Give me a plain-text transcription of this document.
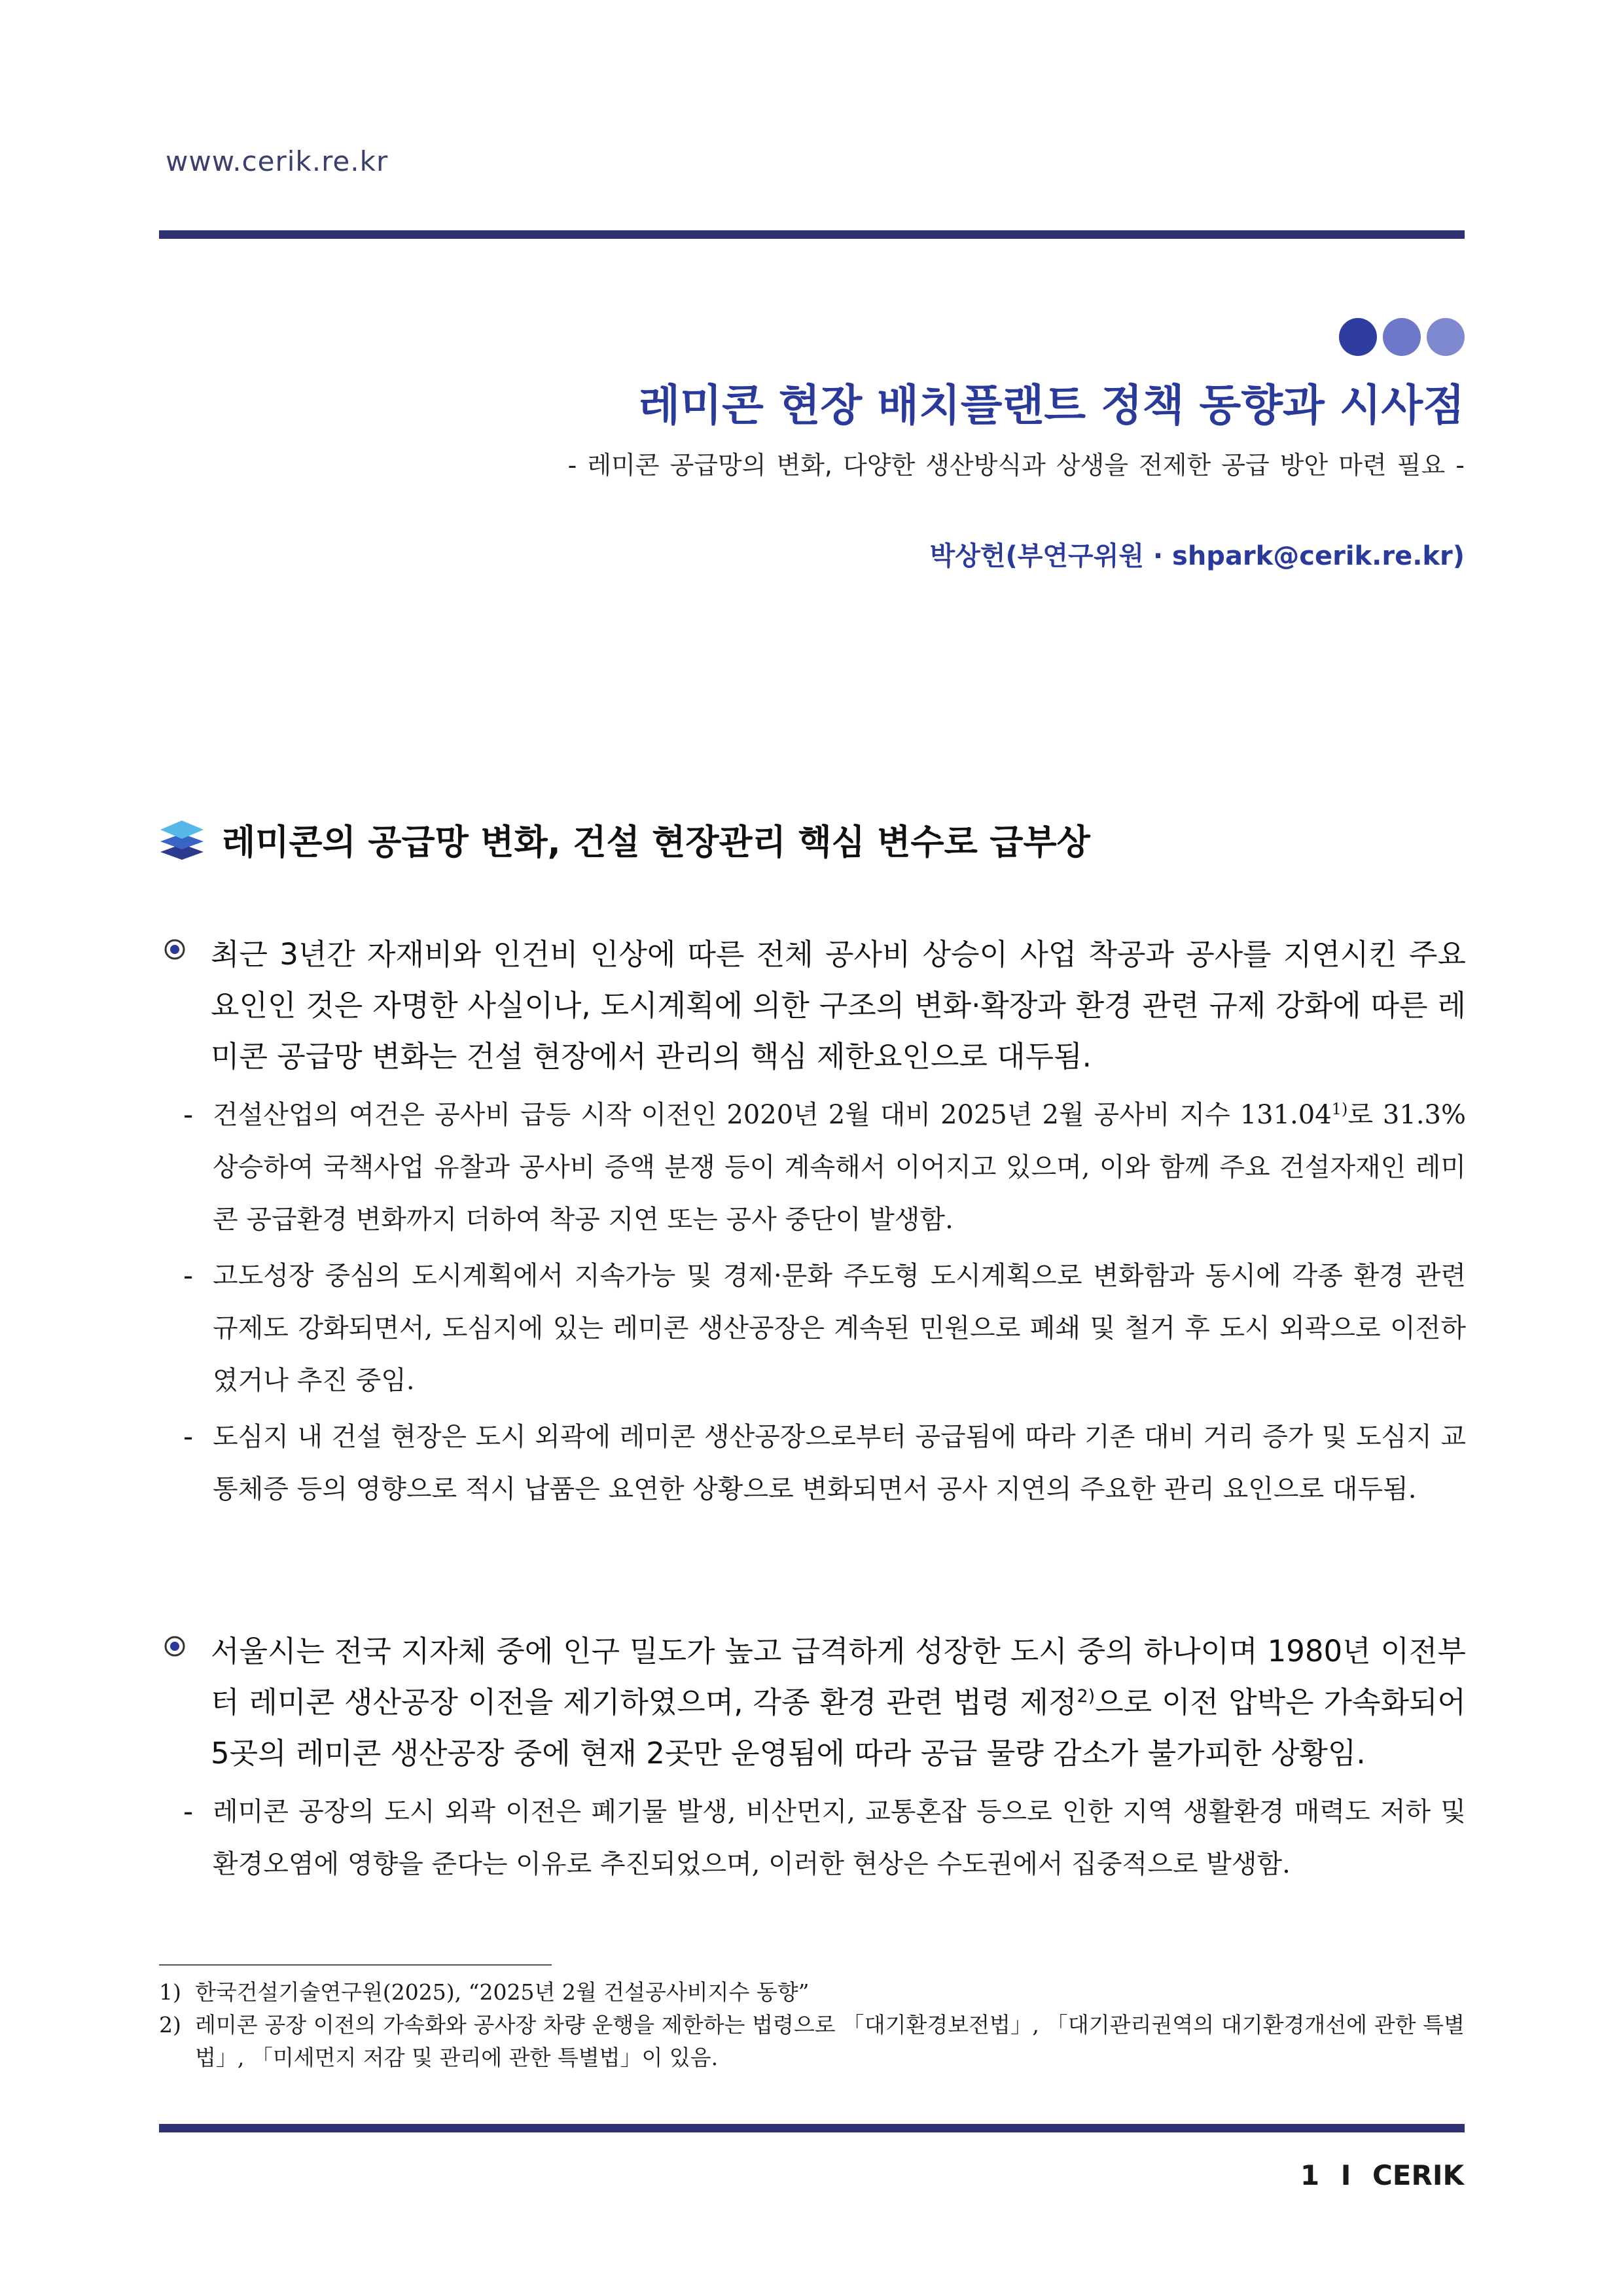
www.cerik.re.kr
레미콘 현장 배치플랜트 정책 동향과 시사점
- 레미콘 공급망의 변화, 다양한 생산방식과 상생을 전제한 공급 방안 마련 필요 -
박상헌(부연구위원 · shpark@cerik.re.kr)
레미콘의 공급망 변화, 건설 현장관리 핵심 변수로 급부상
최근 3년간 자재비와 인건비 인상에 따른 전체 공사비 상승이 사업 착공과 공사를 지연시킨 주요 요인인 것은 자명한 사실이나, 도시계획에 의한 구조의 변화·확장과 환경 관련 규제 강화에 따른 레미콘 공급망 변화는 건설 현장에서 관리의 핵심 제한요인으로 대두됨.
- 건설산업의 여건은 공사비 급등 시작 이전인 2020년 2월 대비 2025년 2월 공사비 지수 131.04$^{1)}$로 31.3% 상승하여 국책사업 유찰과 공사비 증액 분쟁 등이 계속해서 이어지고 있으며, 이와 함께 주요 건설자재인 레미콘 공급환경 변화까지 더하여 착공 지연 또는 공사 중단이 발생함.
- 고도성장 중심의 도시계획에서 지속가능 및 경제·문화 주도형 도시계획으로 변화함과 동시에 각종 환경 관련 규제도 강화되면서, 도심지에 있는 레미콘 생산공장은 계속된 민원으로 폐쇄 및 철거 후 도시 외곽으로 이전하였거나 추진 중임.
- 도심지 내 건설 현장은 도시 외곽에 레미콘 생산공장으로부터 공급됨에 따라 기존 대비 거리 증가 및 도심지 교통체증 등의 영향으로 적시 납품은 요연한 상황으로 변화되면서 공사 지연의 주요한 관리 요인으로 대두됨.
서울시는 전국 지자체 중에 인구 밀도가 높고 급격하게 성장한 도시 중의 하나이며 1980년 이전부터 레미콘 생산공장 이전을 제기하였으며, 각종 환경 관련 법령 제정$^{2)}$으로 이전 압박은 가속화되어 5곳의 레미콘 생산공장 중에 현재 2곳만 운영됨에 따라 공급 물량 감소가 불가피한 상황임.
- 레미콘 공장의 도시 외곽 이전은 폐기물 발생, 비산먼지, 교통혼잡 등으로 인한 지역 생활환경 매력도 저하 및 환경오염에 영향을 준다는 이유로 추진되었으며, 이러한 현상은 수도권에서 집중적으로 발생함.
1) 한국건설기술연구원(2025), “2025년 2월 건설공사비지수 동향”
2) 레미콘 공장 이전의 가속화와 공사장 차량 운행을 제한하는 법령으로 「대기환경보전법」, 「대기관리권역의 대기환경개선에 관한 특별법」, 「미세먼지 저감 및 관리에 관한 특별법」이 있음.
1 I CERIK
